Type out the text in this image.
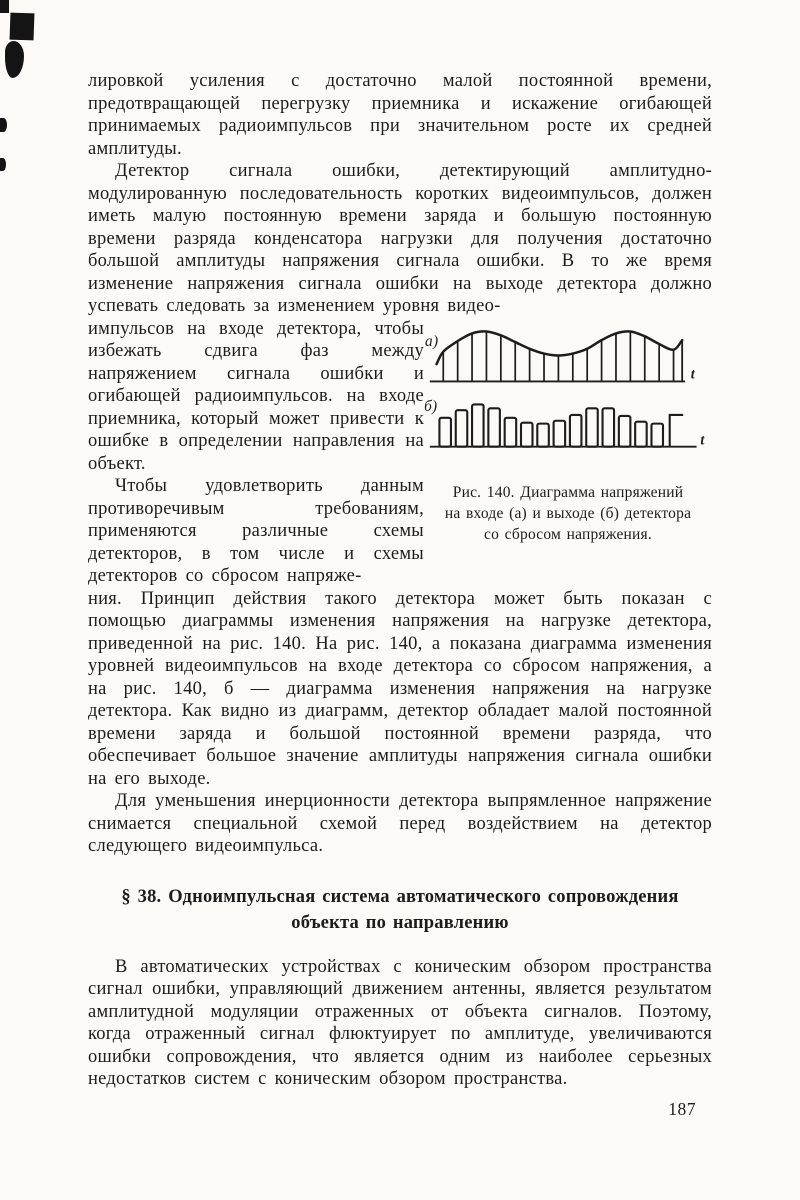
лировкой усиления с достаточно малой постоянной времени, предотвращающей перегрузку приемника и искажение огибающей принимаемых радиоимпульсов при значительном росте их средней амплитуды.

Детектор сигнала ошибки, детектирующий амплитудно-модулированную последовательность коротких видеоимпульсов, должен иметь малую постоянную времени заряда и большую постоянную времени разряда конденсатора нагрузки для получения достаточно большой амплитуды напряжения сигнала ошибки. В то же время изменение напряжения сигнала ошибки на выходе детектора должно успевать следовать за изменением уровня видео-

импульсов на входе детектора, чтобы избежать сдвига фаз между напряжением сигнала ошибки и огибающей радиоимпульсов. на входе приемника, который может привести к ошибке в определении направления на объект.

Чтобы удовлетворить данным противоречивым требованиям, применяются различные схемы детекторов, в том числе и схемы детекторов со сбросом напряже-

а)
t
б)
t
Рис. 140. Диаграмма напряжений
на входе (а) и выходе (б) детектора
со сбросом напряжения.

ния. Принцип действия такого детектора может быть показан с помощью диаграммы изменения напряжения на нагрузке детектора, приведенной на рис. 140. На рис. 140, а показана диаграмма изменения уровней видеоимпульсов на входе детектора со сбросом напряжения, а на рис. 140, б — диаграмма изменения напряжения на нагрузке детектора. Как видно из диаграмм, детектор обладает малой постоянной времени заряда и большой постоянной времени разряда, что обеспечивает большое значение амплитуды напряжения сигнала ошибки на его выходе.

Для уменьшения инерционности детектора выпрямленное напряжение снимается специальной схемой перед воздействием на детектор следующего видеоимпульса.

§ 38. Одноимпульсная система автоматического сопровождения
объекта по направлению

В автоматических устройствах с коническим обзором пространства сигнал ошибки, управляющий движением антенны, является результатом амплитудной модуляции отраженных от объекта сигналов. Поэтому, когда отраженный сигнал флюктуирует по амплитуде, увеличиваются ошибки сопровождения, что является одним из наиболее серьезных недостатков систем с коническим обзором пространства.

187
